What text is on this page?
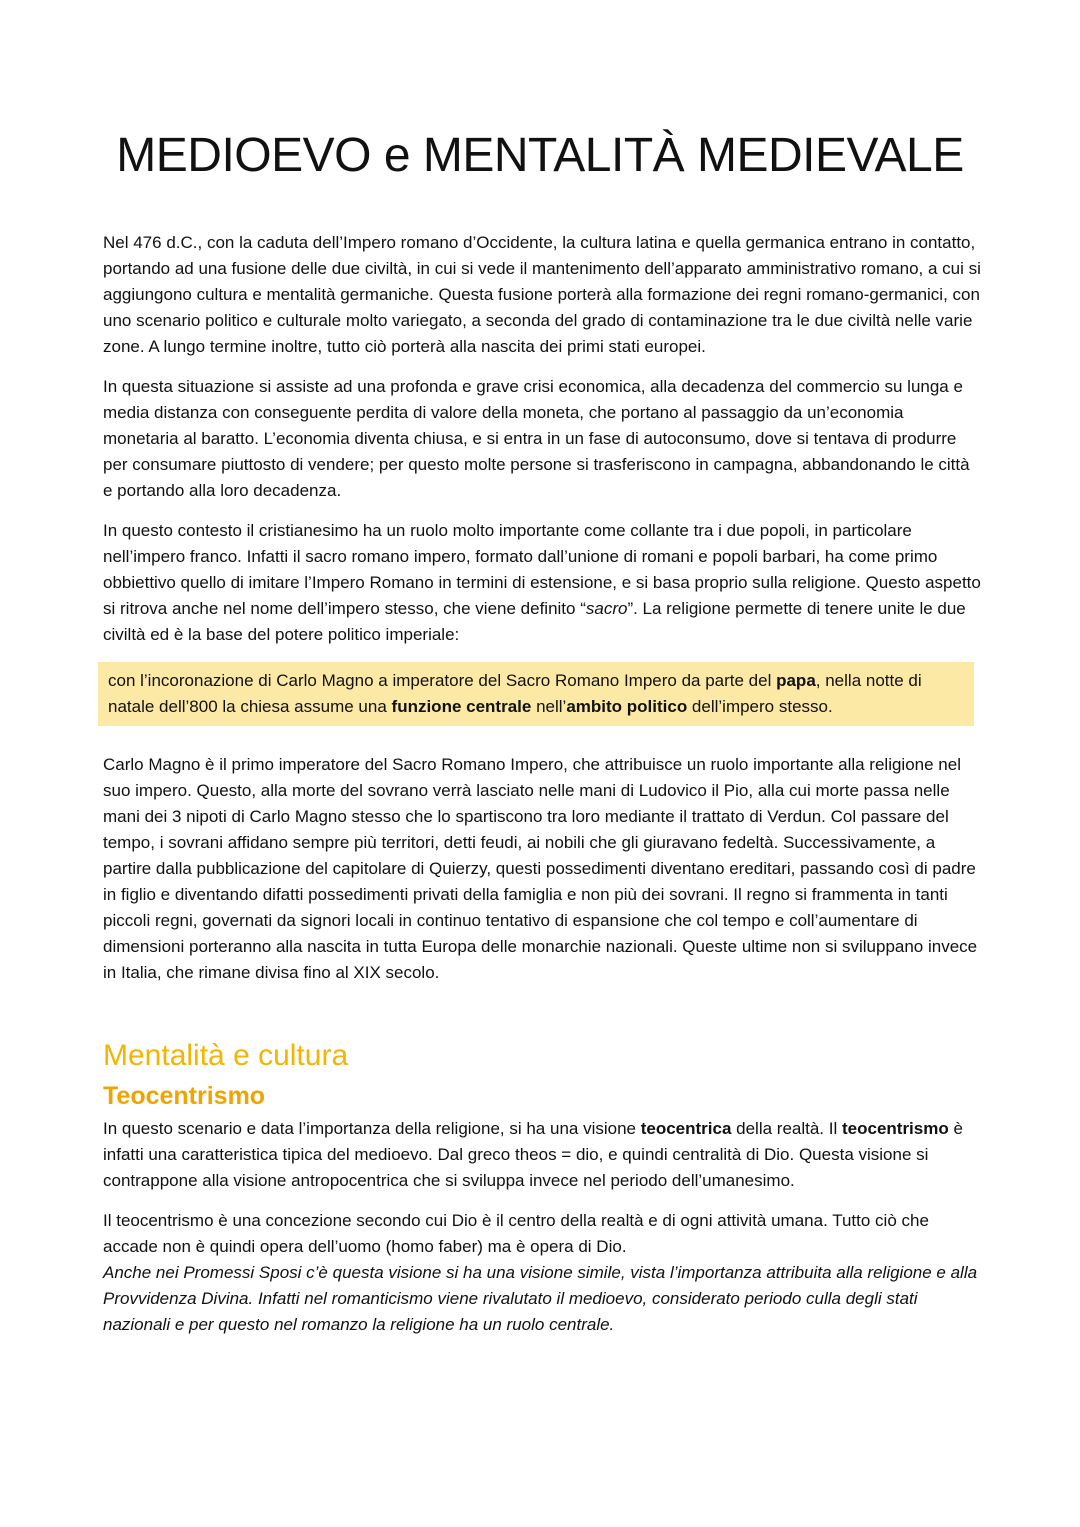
MEDIOEVO e MENTALITÀ MEDIEVALE

Nel 476 d.C., con la caduta dell’Impero romano d’Occidente, la cultura latina e quella germanica entrano in contatto, portando ad una fusione delle due civiltà, in cui si vede il mantenimento dell’apparato amministrativo romano, a cui si aggiungono cultura e mentalità germaniche. Questa fusione porterà alla formazione dei regni romano-germanici, con uno scenario politico e culturale molto variegato, a seconda del grado di contaminazione tra le due civiltà nelle varie zone. A lungo termine inoltre, tutto ciò porterà alla nascita dei primi stati europei.

In questa situazione si assiste ad una profonda e grave crisi economica, alla decadenza del commercio su lunga e media distanza con conseguente perdita di valore della moneta, che portano al passaggio da un’economia monetaria al baratto. L’economia diventa chiusa, e si entra in un fase di autoconsumo, dove si tentava di produrre per consumare piuttosto di vendere; per questo molte persone si trasferiscono in campagna, abbandonando le città e portando alla loro decadenza.

In questo contesto il cristianesimo ha un ruolo molto importante come collante tra i due popoli, in particolare nell’impero franco. Infatti il sacro romano impero, formato dall’unione di romani e popoli barbari, ha come primo obbiettivo quello di imitare l’Impero Romano in termini di estensione, e si basa proprio sulla religione. Questo aspetto si ritrova anche nel nome dell’impero stesso, che viene definito “sacro”. La religione permette di tenere unite le due civiltà ed è la base del potere politico imperiale:

con l’incoronazione di Carlo Magno a imperatore del Sacro Romano Impero da parte del papa, nella notte di natale dell’800 la chiesa assume una funzione centrale nell’ambito politico dell’impero stesso.

Carlo Magno è il primo imperatore del Sacro Romano Impero, che attribuisce un ruolo importante alla religione nel suo impero. Questo, alla morte del sovrano verrà lasciato nelle mani di Ludovico il Pio, alla cui morte passa nelle mani dei 3 nipoti di Carlo Magno stesso che lo spartiscono tra loro mediante il trattato di Verdun. Col passare del tempo, i sovrani affidano sempre più territori, detti feudi, ai nobili che gli giuravano fedeltà. Successivamente, a partire dalla pubblicazione del capitolare di Quierzy, questi possedimenti diventano ereditari, passando così di padre in figlio e diventando difatti possedimenti privati della famiglia e non più dei sovrani. Il regno si frammenta in tanti piccoli regni, governati da signori locali in continuo tentativo di espansione che col tempo e coll’aumentare di dimensioni porteranno alla nascita in tutta Europa delle monarchie nazionali. Queste ultime non si sviluppano invece in Italia, che rimane divisa fino al XIX secolo.

Mentalità e cultura
Teocentrismo

In questo scenario e data l’importanza della religione, si ha una visione teocentrica della realtà. Il teocentrismo è infatti una caratteristica tipica del medioevo. Dal greco theos = dio, e quindi centralità di Dio. Questa visione si contrappone alla visione antropocentrica che si sviluppa invece nel periodo dell’umanesimo.

Il teocentrismo è una concezione secondo cui Dio è il centro della realtà e di ogni attività umana. Tutto ciò che accade non è quindi opera dell’uomo (homo faber) ma è opera di Dio.
Anche nei Promessi Sposi c’è questa visione si ha una visione simile, vista l’importanza attribuita alla religione e alla Provvidenza Divina. Infatti nel romanticismo viene rivalutato il medioevo, considerato periodo culla degli stati nazionali e per questo nel romanzo la religione ha un ruolo centrale.
